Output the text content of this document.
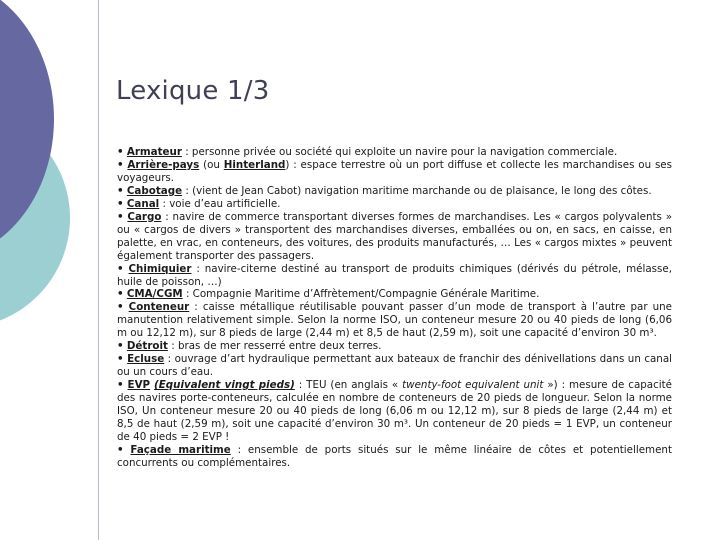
Lexique 1/3

• Armateur : personne privée ou société qui exploite un navire pour la navigation commerciale.

• Arrière-pays (ou Hinterland) : espace terrestre où un port diffuse et collecte les marchandises ou ses voyageurs.

• Cabotage : (vient de Jean Cabot) navigation maritime marchande ou de plaisance, le long des côtes.

• Canal : voie d’eau artificielle.

• Cargo : navire de commerce transportant diverses formes de marchandises. Les « cargos polyvalents » ou « cargos de divers » transportent des marchandises diverses, emballées ou on, en sacs, en caisse, en palette, en vrac, en conteneurs, des voitures, des produits manufacturés, … Les « cargos mixtes » peuvent également transporter des passagers.

• Chimiquier : navire-citerne destiné au transport de produits chimiques (dérivés du pétrole, mélasse, huile de poisson, …)

• CMA/CGM : Compagnie Maritime d’Affrètement/Compagnie Générale Maritime.

• Conteneur : caisse métallique réutilisable pouvant passer d’un mode de transport à l’autre par une manutention relativement simple. Selon la norme ISO, un conteneur mesure 20 ou 40 pieds de long (6,06 m ou 12,12 m), sur 8 pieds de large (2,44 m) et 8,5 de haut (2,59 m), soit une capacité d’environ 30 m³.

• Détroit : bras de mer resserré entre deux terres.

• Ecluse : ouvrage d’art hydraulique permettant aux bateaux de franchir des dénivellations dans un canal ou un cours d’eau.

• EVP (Equivalent vingt pieds) : TEU (en anglais « twenty-foot equivalent unit ») : mesure de capacité des navires porte-conteneurs, calculée en nombre de conteneurs de 20 pieds de longueur. Selon la norme ISO, Un conteneur mesure 20 ou 40 pieds de long (6,06 m ou 12,12 m), sur 8 pieds de large (2,44 m) et 8,5 de haut (2,59 m), soit une capacité d’environ 30 m³. Un conteneur de 20 pieds = 1 EVP, un conteneur de 40 pieds = 2 EVP !

• Façade maritime : ensemble de ports situés sur le même linéaire de côtes et potentiellement concurrents ou complémentaires.
